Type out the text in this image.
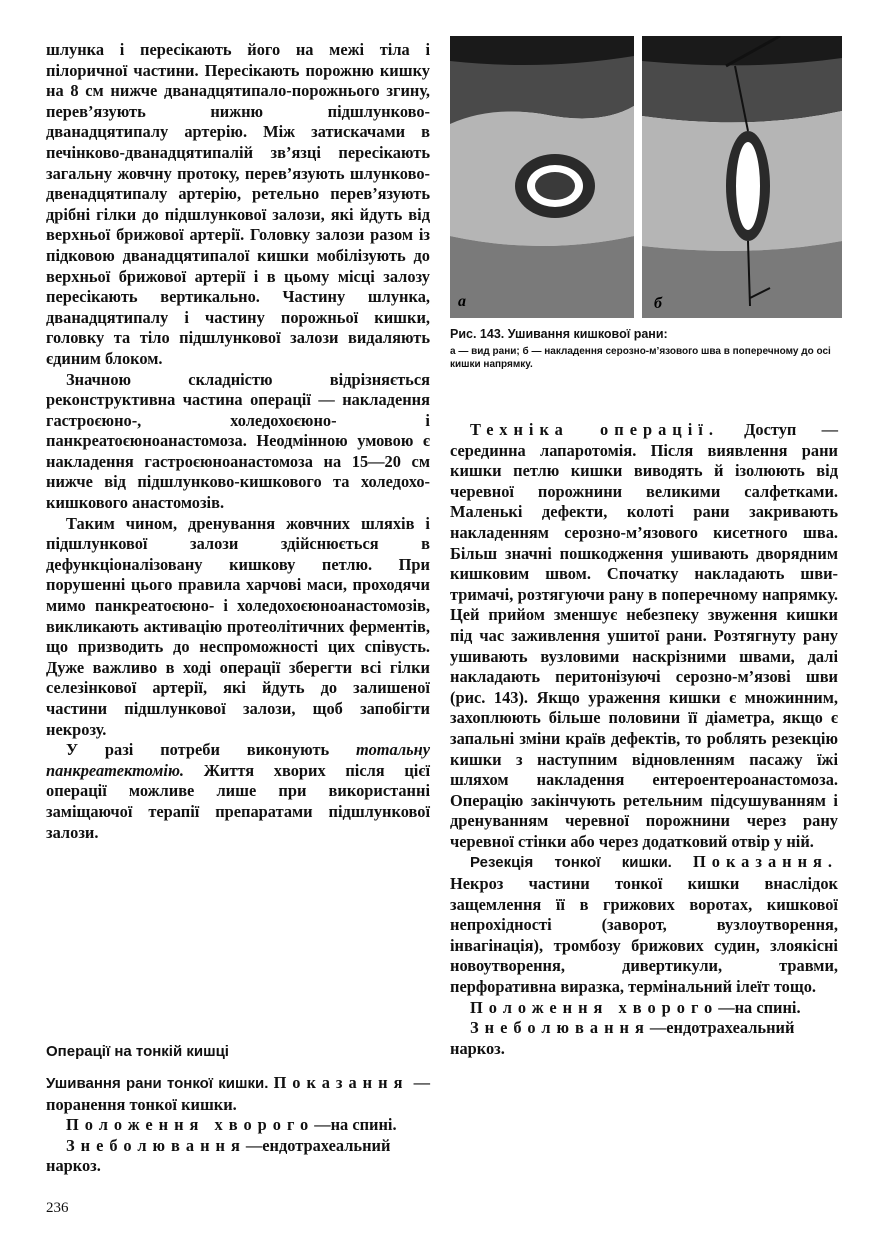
шлунка і пересікають його на межі тіла і пілоричної частини. Пересікають порожню кишку на 8 см нижче дванадцятипало-порожнього згину, перев’язують нижню підшлунково-дванадцятипалу артерію. Між затискачами в печінково-дванадцятипалій зв’язці пересікають загальну жовчну протоку, перев’язують шлунково-двенадцятипалу артерію, ретельно перев’язують дрібні гілки до підшлункової залози, які йдуть від верхньої брижової артерії. Головку залози разом із підковою дванадцятипалої кишки мобілізують до верхньої брижової артерії і в цьому місці залозу пересікають вертикально. Частину шлунка, дванадцятипалу і частину порожньої кишки, головку та тіло підшлункової залози видаляють єдиним блоком.

Значною складністю відрізняється реконструктивна частина операції — накладення гастроєюно-, холедохоєюно- і панкреатоєюноанастомоза. Неодмінною умовою є накладення гастроєюноанастомоза на 15—20 см нижче від підшлунково-кишкового та холедохо-кишкового анастомозів.

Таким чином, дренування жовчних шляхів і підшлункової залози здійснюється в дефункціоналізовану кишкову петлю. При порушенні цього правила харчові маси, проходячи мимо панкреатоєюно- і холедохоєюноанастомозів, викликають активацію протеолітичних ферментів, що призводить до неспроможності цих співусть. Дуже важливо в ході операції зберегти всі гілки селезінкової артерії, які йдуть до залишеної частини підшлункової залози, щоб запобігти некрозу.

У разі потреби виконують тотальну панкреатектомію. Життя хворих після цієї операції можливе лише при використанні заміщаючої терапії препаратами підшлункової залози.

Операції на тонкій кишці

Ушивання рани тонкої кишки. Показання — поранення тонкої кишки.

Положення хворого—на спині.

Знеболювання—ендотрахеальний наркоз.

236
а	б
Рис. 143. Ушивання кишкової рани:
а — вид рани; б — накладення серозно-м’язового шва в поперечному до осі кишки напрямку.

Техніка операції. Доступ — серединна лапаротомія. Після виявлення рани кишки петлю кишки виводять й ізолюють від черевної порожнини великими салфетками. Маленькі дефекти, колоті рани закривають накладенням серозно-м’язового кисетного шва. Більш значні пошкодження ушивають дворядним кишковим швом. Спочатку накладають шви-тримачі, розтягуючи рану в поперечному напрямку. Цей прийом зменшує небезпеку звуження кишки під час заживлення ушитої рани. Розтягнуту рану ушивають вузловими наскрізними швами, далі накладають перитонізуючі серозно-м’язові шви (рис. 143). Якщо ураження кишки є множинним, захоплюють більше половини її діаметра, якщо є запальні зміни країв дефектів, то роблять резекцію кишки з наступним відновленням пасажу їжі шляхом накладення ентероентероанастомоза. Операцію закінчують ретельним підсушуванням і дренуванням черевної порожнини через рану черевної стінки або через додатковий отвір у ній.

Резекція тонкої кишки. Показання. Некроз частини тонкої кишки внаслідок защемлення її в грижових воротах, кишкової непрохідності (заворот, вузлоутворення, інвагінація), тромбозу брижових судин, злоякісні новоутворення, дивертикули, травми, перфоративна виразка, термінальний ілеїт тощо.

Положення хворого—на спині.

Знеболювання—ендотрахеальний наркоз.
